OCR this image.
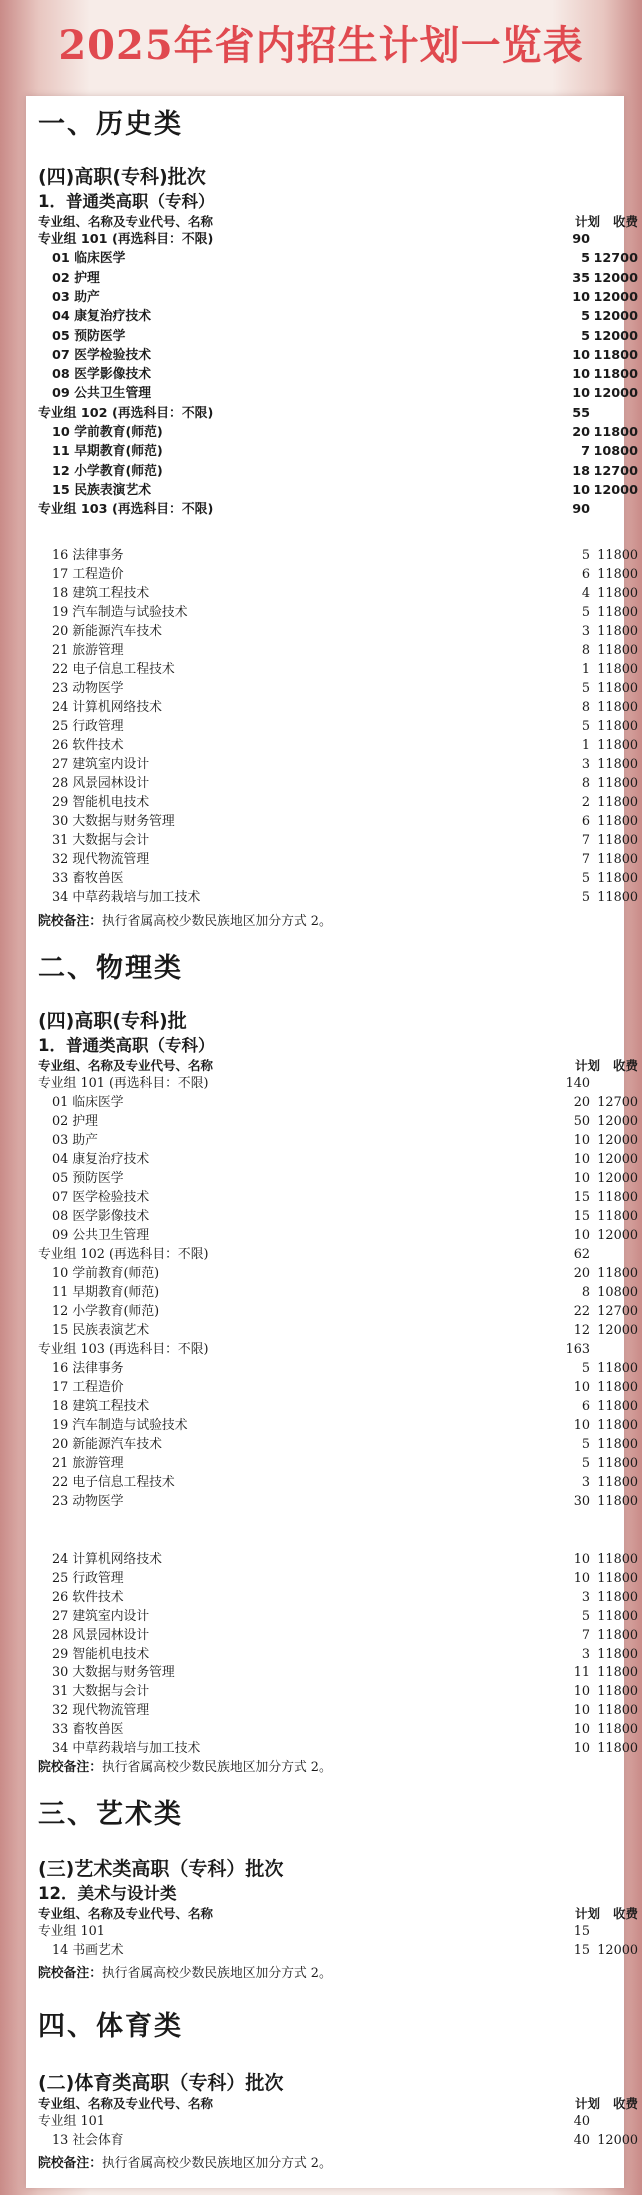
2025年省内招生计划一览表
一、历史类
(四)高职(专科)批次
1．普通类高职（专科）
专业组、名称及专业代号、名称	计划	收费
专业组 101 (再选科目：不限)	90
01 临床医学	5 12700
02 护理	35 12000
03 助产	10 12000
04 康复治疗技术	5 12000
05 预防医学	5 12000
07 医学检验技术	10 11800
08 医学影像技术	10 11800
09 公共卫生管理	10 12000
专业组 102 (再选科目：不限)	55
10 学前教育(师范)	20 11800
11 早期教育(师范)	7 10800
12 小学教育(师范)	18 12700
15 民族表演艺术	10 12000
专业组 103 (再选科目：不限)	90
16 法律事务	5 11800
17 工程造价	6 11800
18 建筑工程技术	4 11800
19 汽车制造与试验技术	5 11800
20 新能源汽车技术	3 11800
21 旅游管理	8 11800
22 电子信息工程技术	1 11800
23 动物医学	5 11800
24 计算机网络技术	8 11800
25 行政管理	5 11800
26 软件技术	1 11800
27 建筑室内设计	3 11800
28 风景园林设计	8 11800
29 智能机电技术	2 11800
30 大数据与财务管理	6 11800
31 大数据与会计	7 11800
32 现代物流管理	7 11800
33 畜牧兽医	5 11800
34 中草药栽培与加工技术	5 11800
院校备注：执行省属高校少数民族地区加分方式 2。
二、物理类
(四)高职(专科)批
1．普通类高职（专科）
专业组、名称及专业代号、名称	计划	收费
专业组 101 (再选科目：不限)	140
01 临床医学	20 12700
02 护理	50 12000
03 助产	10 12000
04 康复治疗技术	10 12000
05 预防医学	10 12000
07 医学检验技术	15 11800
08 医学影像技术	15 11800
09 公共卫生管理	10 12000
专业组 102 (再选科目：不限)	62
10 学前教育(师范)	20 11800
11 早期教育(师范)	8 10800
12 小学教育(师范)	22 12700
15 民族表演艺术	12 12000
专业组 103 (再选科目：不限)	163
16 法律事务	5 11800
17 工程造价	10 11800
18 建筑工程技术	6 11800
19 汽车制造与试验技术	10 11800
20 新能源汽车技术	5 11800
21 旅游管理	5 11800
22 电子信息工程技术	3 11800
23 动物医学	30 11800
24 计算机网络技术	10 11800
25 行政管理	10 11800
26 软件技术	3 11800
27 建筑室内设计	5 11800
28 风景园林设计	7 11800
29 智能机电技术	3 11800
30 大数据与财务管理	11 11800
31 大数据与会计	10 11800
32 现代物流管理	10 11800
33 畜牧兽医	10 11800
34 中草药栽培与加工技术	10 11800
院校备注：执行省属高校少数民族地区加分方式 2。
三、艺术类
(三)艺术类高职（专科）批次
12．美术与设计类
专业组、名称及专业代号、名称	计划	收费
专业组 101	15
14 书画艺术	15 12000
院校备注：执行省属高校少数民族地区加分方式 2。
四、体育类
(二)体育类高职（专科）批次
专业组、名称及专业代号、名称	计划	收费
专业组 101	40
13 社会体育	40 12000
院校备注：执行省属高校少数民族地区加分方式 2。
